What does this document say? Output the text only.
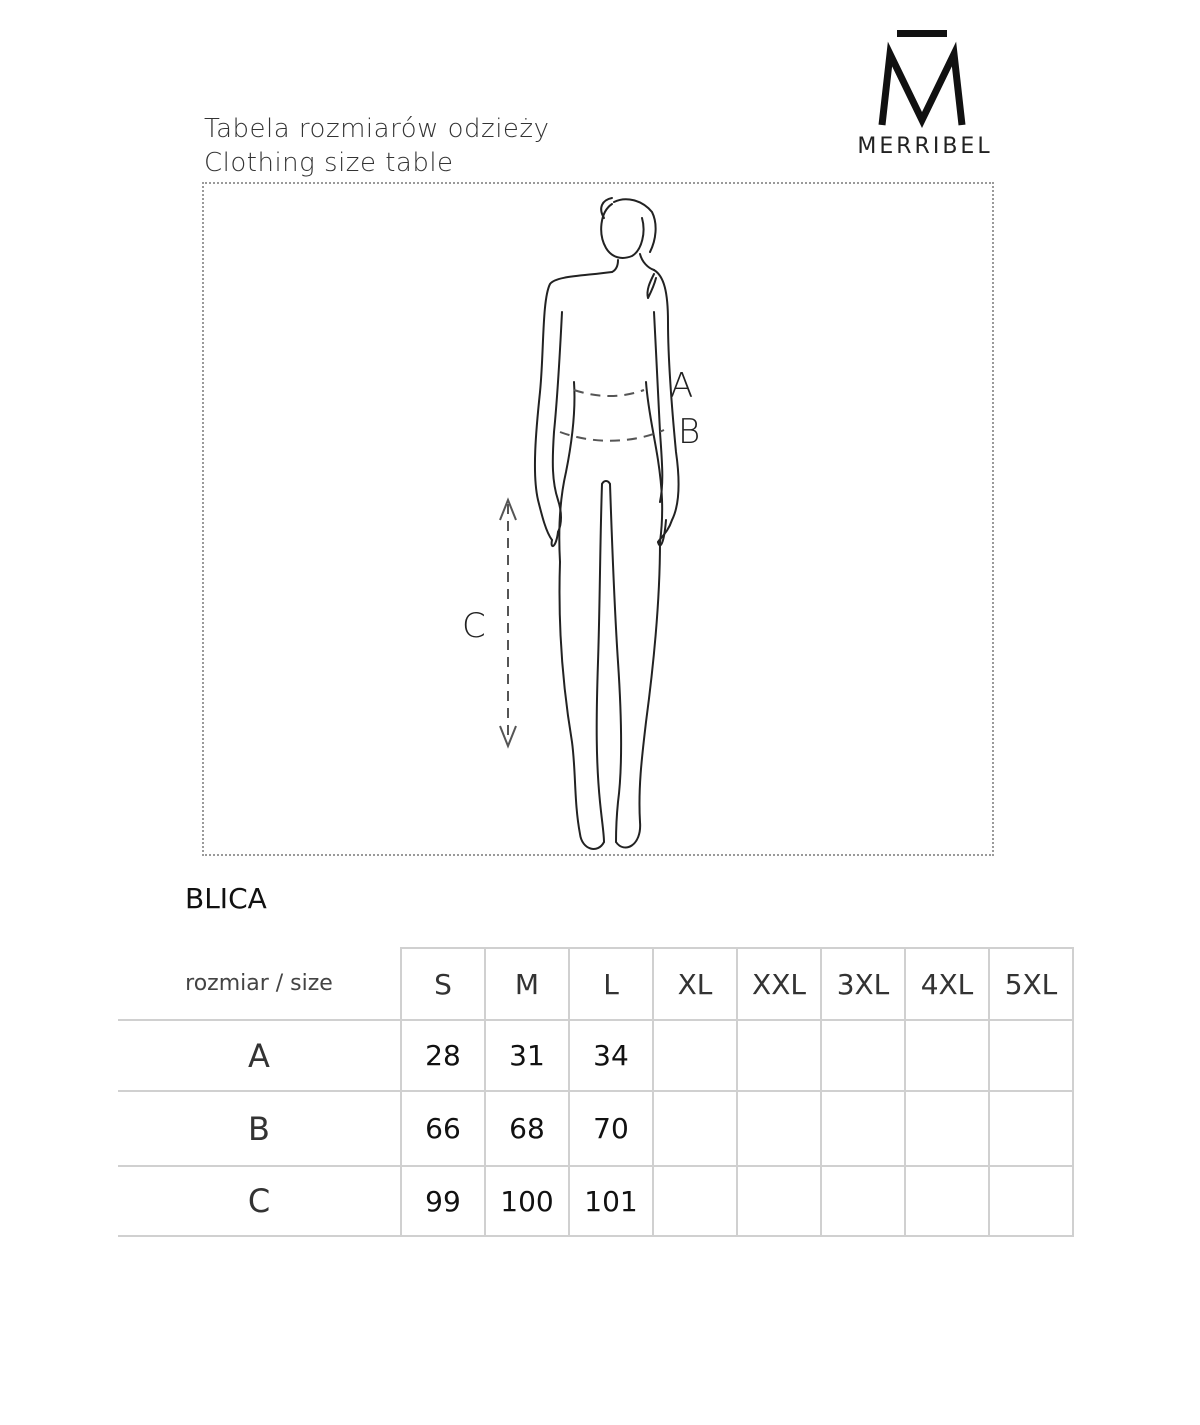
Tabela rozmiarów odzieży
Clothing size table
MERRIBEL
A
B
C
BLICA
rozmiar / size	S	M	L	XL	XXL	3XL	4XL	5XL
A	28	31	34					
B	66	68	70					
C	99	100	101					
